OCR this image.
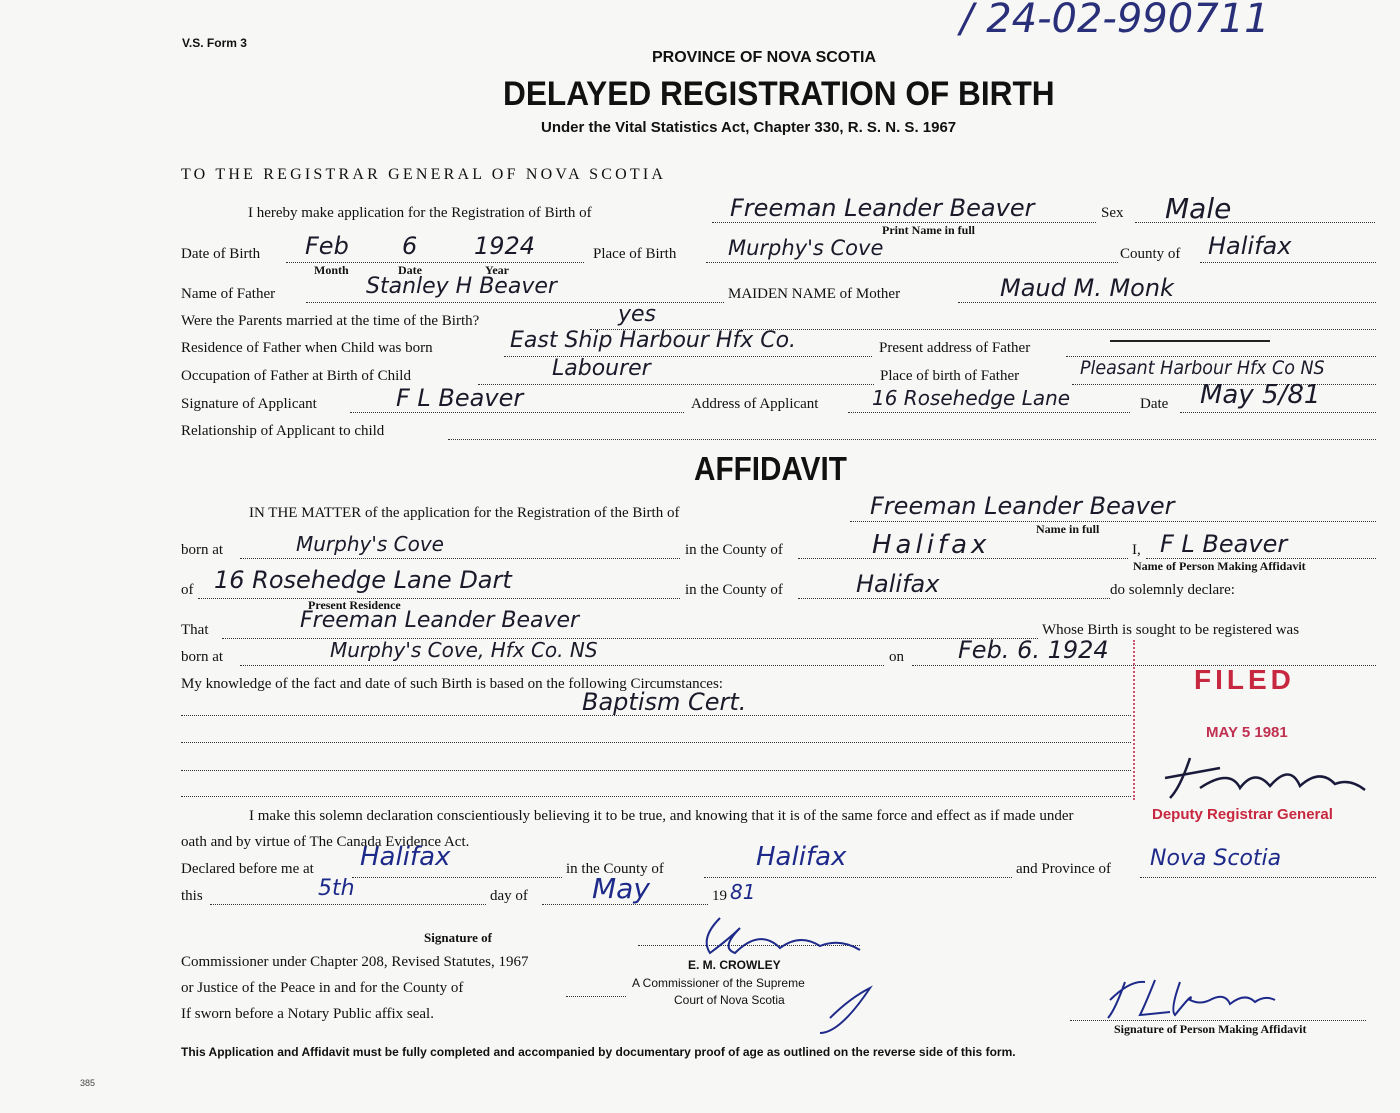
V.S. Form 3
/ 24-02-990711
PROVINCE OF NOVA SCOTIA
DELAYED REGISTRATION OF BIRTH
Under the Vital Statistics Act, Chapter 330, R. S. N. S. 1967
TO THE REGISTRAR GENERAL OF NOVA SCOTIA
I hereby make application for the Registration of Birth of	Freeman Leander Beaver	Sex Male
Print Name in full
Date of Birth Feb 6 1924
Month	Date	Year
Place of Birth Murphy's Cove	County of Halifax
Name of Father	Stanley H Beaver	MAIDEN NAME of Mother	Maud M. Monk
Were the Parents married at the time of the Birth?	yes
Residence of Father when Child was born	East Ship Harbour Hfx Co.	Present address of Father
Occupation of Father at Birth of Child	Labourer	Place of birth of Father	Pleasant Harbour Hfx Co NS
Signature of Applicant	F L Beaver	Address of Applicant	16 Rosehedge Lane	Date May 5/81
Relationship of Applicant to child
AFFIDAVIT
IN THE MATTER of the application for the Registration of the Birth of	Freeman Leander Beaver
Name in full
born at	Murphy's Cove	in the County of	Halifax	I, F L Beaver
Name of Person Making Affidavit
of 16 Rosehedge Lane Dart
Present Residence
in the County of	Halifax	do solemnly declare:
That	Freeman Leander Beaver	Whose Birth is sought to be registered was
born at	Murphy's Cove, Hfx Co. NS	on Feb. 6. 1924
My knowledge of the fact and date of such Birth is based on the following Circumstances:
Baptism Cert.
FILED
MAY 5 1981
Deputy Registrar General
I make this solemn declaration conscientiously believing it to be true, and knowing that it is of the same force and effect as if made under
oath and by virtue of The Canada Evidence Act.
Declared before me at Halifax	in the County of	Halifax	and Province of Nova Scotia
this	5th	day of May	19 81
Signature of
Commissioner under Chapter 208, Revised Statutes, 1967
or Justice of the Peace in and for the County of
If sworn before a Notary Public affix seal.
E. M. CROWLEY
A Commissioner of the Supreme
Court of Nova Scotia
Signature of Person Making Affidavit
This Application and Affidavit must be fully completed and accompanied by documentary proof of age as outlined on the reverse side of this form.
385
